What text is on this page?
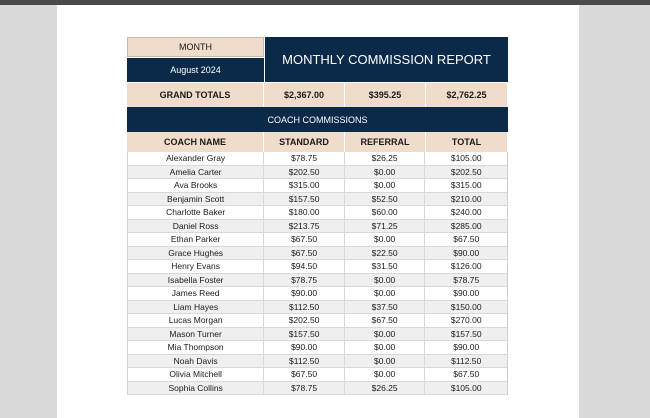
MONTH
August 2024
MONTHLY COMMISSION REPORT
GRAND TOTALS	$2,367.00	$395.25	$2,762.25
COACH COMMISSIONS
COACH NAME	STANDARD	REFERRAL	TOTAL
Alexander Gray	$78.75	$26.25	$105.00
Amelia Carter	$202.50	$0.00	$202.50
Ava Brooks	$315.00	$0.00	$315.00
Benjamin Scott	$157.50	$52.50	$210.00
Charlotte Baker	$180.00	$60.00	$240.00
Daniel Ross	$213.75	$71.25	$285.00
Ethan Parker	$67.50	$0.00	$67.50
Grace Hughes	$67.50	$22.50	$90.00
Henry Evans	$94.50	$31.50	$126.00
Isabella Foster	$78.75	$0.00	$78.75
James Reed	$90.00	$0.00	$90.00
Liam Hayes	$112.50	$37.50	$150.00
Lucas Morgan	$202.50	$67.50	$270.00
Mason Turner	$157.50	$0.00	$157.50
Mia Thompson	$90.00	$0.00	$90.00
Noah Davis	$112.50	$0.00	$112.50
Olivia Mitchell	$67.50	$0.00	$67.50
Sophia Collins	$78.75	$26.25	$105.00
